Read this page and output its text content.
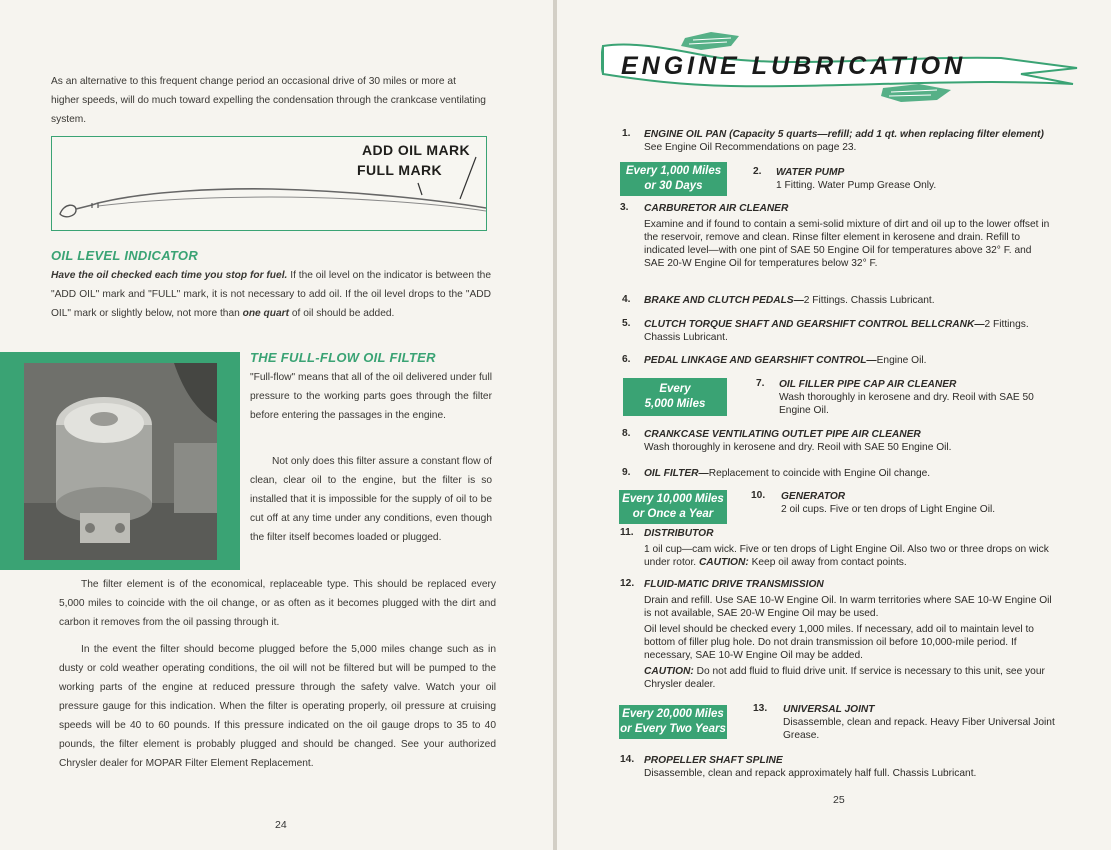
As an alternative to this frequent change period an occasional drive of 30 miles or more at higher speeds, will do much toward expelling the condensation through the crankcase ventilating system.

ADD OIL MARK
FULL MARK
OIL LEVEL INDICATOR

Have the oil checked each time you stop for fuel. If the oil level on the indicator is between the "ADD OIL" mark and "FULL" mark, it is not necessary to add oil. If the oil level drops to the "ADD OIL" mark or slightly below, not more than one quart of oil should be added.

THE FULL-FLOW OIL FILTER

"Full-flow" means that all of the oil delivered under full pressure to the working parts goes through the filter before entering the passages in the engine.

Not only does this filter assure a constant flow of clean, clear oil to the engine, but the filter is so installed that it is impossible for the supply of oil to be cut off at any time under any conditions, even though the filter itself becomes loaded or plugged.

The filter element is of the economical, replaceable type. This should be replaced every 5,000 miles to coincide with the oil change, or as often as it becomes plugged with the dirt and carbon it removes from the oil passing through it.

In the event the filter should become plugged before the 5,000 miles change such as in dusty or cold weather operating conditions, the oil will not be filtered but will be pumped to the working parts of the engine at reduced pressure through the safety valve. Watch your oil pressure gauge for this indication. When the filter is operating properly, oil pressure at cruising speeds will be 40 to 60 pounds. If this pressure indicated on the oil gauge drops to 35 to 40 pounds, the filter element is probably plugged and should be changed. See your authorized Chrysler dealer for MOPAR Filter Element Replacement.

24
ENGINE LUBRICATION
1. ENGINE OIL PAN (Capacity 5 quarts—refill; add 1 qt. when replacing filter element) See Engine Oil Recommendations on page 23.

Every 1,000 Miles
or 30 Days
2. WATER PUMP
1 Fitting. Water Pump Grease Only.

3. CARBURETOR AIR CLEANER

Examine and if found to contain a semi-solid mixture of dirt and oil up to the lower offset in the reservoir, remove and clean. Rinse filter element in kerosene and drain. Refill to indicated level—with one pint of SAE 50 Engine Oil for temperatures above 32° F. and SAE 20-W Engine Oil for temperatures below 32° F.

4. BRAKE AND CLUTCH PEDALS—2 Fittings. Chassis Lubricant.

5. CLUTCH TORQUE SHAFT AND GEARSHIFT CONTROL BELLCRANK—2 Fittings. Chassis Lubricant.

6. PEDAL LINKAGE AND GEARSHIFT CONTROL—Engine Oil.

Every
5,000 Miles
7. OIL FILLER PIPE CAP AIR CLEANER
Wash thoroughly in kerosene and dry. Reoil with SAE 50 Engine Oil.

8. CRANKCASE VENTILATING OUTLET PIPE AIR CLEANER
Wash thoroughly in kerosene and dry. Reoil with SAE 50 Engine Oil.

9. OIL FILTER—Replacement to coincide with Engine Oil change.

Every 10,000 Miles
or Once a Year
10. GENERATOR
2 oil cups. Five or ten drops of Light Engine Oil.

11. DISTRIBUTOR

1 oil cup—cam wick. Five or ten drops of Light Engine Oil. Also two or three drops on wick under rotor. CAUTION: Keep oil away from contact points.

12. FLUID-MATIC DRIVE TRANSMISSION

Drain and refill. Use SAE 10-W Engine Oil. In warm territories where SAE 10-W Engine Oil is not available, SAE 20-W Engine Oil may be used.

Oil level should be checked every 1,000 miles. If necessary, add oil to maintain level to bottom of filler plug hole. Do not drain transmission oil before 10,000-mile period. If necessary, SAE 10-W Engine Oil may be added.

CAUTION: Do not add fluid to fluid drive unit. If service is necessary to this unit, see your Chrysler dealer.

Every 20,000 Miles
or Every Two Years
13. UNIVERSAL JOINT
Disassemble, clean and repack. Heavy Fiber Universal Joint Grease.

14. PROPELLER SHAFT SPLINE
Disassemble, clean and repack approximately half full. Chassis Lubricant.

25
